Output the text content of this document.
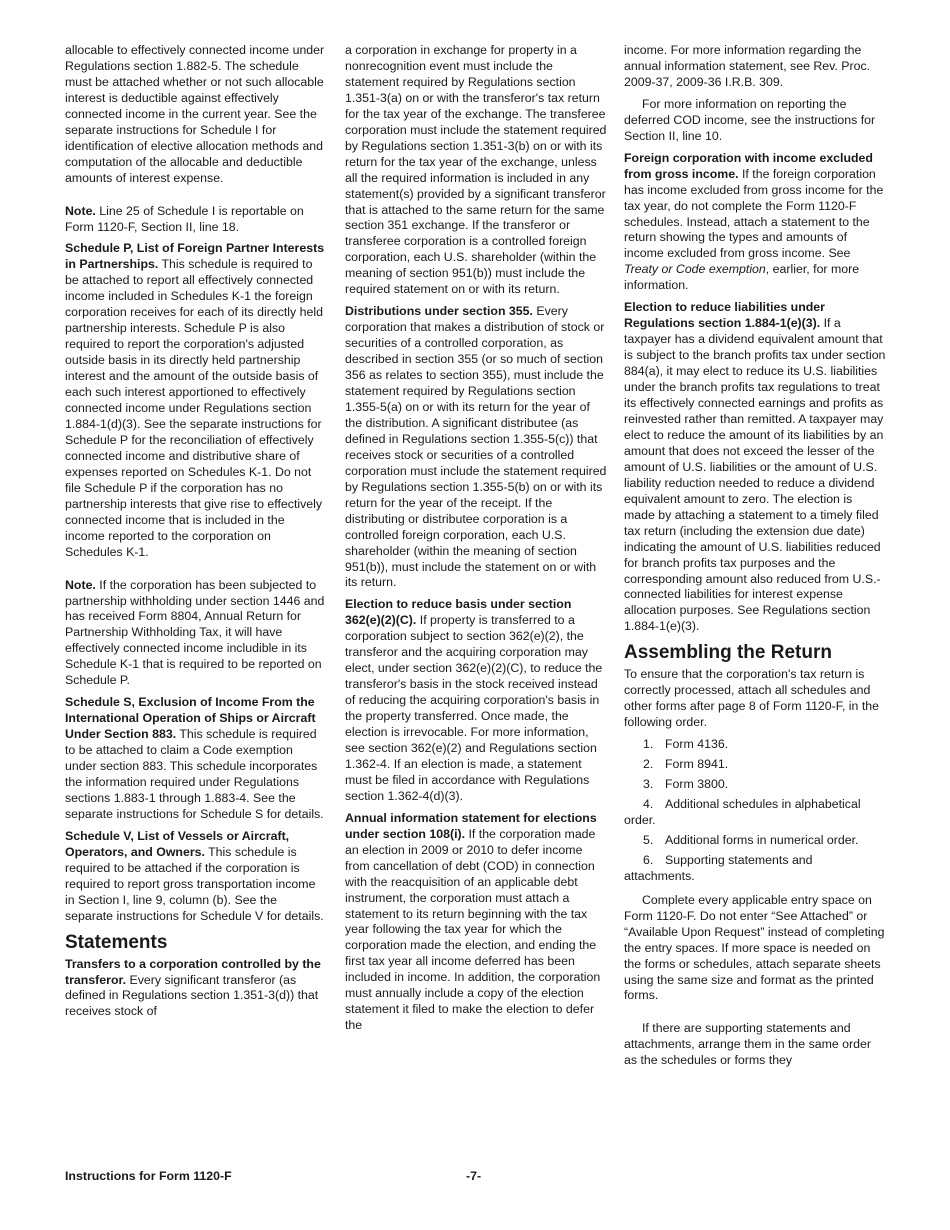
allocable to effectively connected income under Regulations section 1.882-5. The schedule must be attached whether or not such allocable interest is deductible against effectively connected income in the current year. See the separate instructions for Schedule I for identification of elective allocation methods and computation of the allocable and deductible amounts of interest expense.

Note. Line 25 of Schedule I is reportable on Form 1120-F, Section II, line 18.

Schedule P, List of Foreign Partner Interests in Partnerships. This schedule is required to be attached to report all effectively connected income included in Schedules K-1 the foreign corporation receives for each of its directly held partnership interests. Schedule P is also required to report the corporation's adjusted outside basis in its directly held partnership interest and the amount of the outside basis of each such interest apportioned to effectively connected income under Regulations section 1.884-1(d)(3). See the separate instructions for Schedule P for the reconciliation of effectively connected income and distributive share of expenses reported on Schedules K-1. Do not file Schedule P if the corporation has no partnership interests that give rise to effectively connected income that is included in the income reported to the corporation on Schedules K-1.

Note. If the corporation has been subjected to partnership withholding under section 1446 and has received Form 8804, Annual Return for Partnership Withholding Tax, it will have effectively connected income includible in its Schedule K-1 that is required to be reported on Schedule P.

Schedule S, Exclusion of Income From the International Operation of Ships or Aircraft Under Section 883. This schedule is required to be attached to claim a Code exemption under section 883. This schedule incorporates the information required under Regulations sections 1.883-1 through 1.883-4. See the separate instructions for Schedule S for details.

Schedule V, List of Vessels or Aircraft, Operators, and Owners. This schedule is required to be attached if the corporation is required to report gross transportation income in Section I, line 9, column (b). See the separate instructions for Schedule V for details.

Statements

Transfers to a corporation controlled by the transferor. Every significant transferor (as defined in Regulations section 1.351-3(d)) that receives stock of

a corporation in exchange for property in a nonrecognition event must include the statement required by Regulations section 1.351-3(a) on or with the transferor's tax return for the tax year of the exchange. The transferee corporation must include the statement required by Regulations section 1.351-3(b) on or with its return for the tax year of the exchange, unless all the required information is included in any statement(s) provided by a significant transferor that is attached to the same return for the same section 351 exchange. If the transferor or transferee corporation is a controlled foreign corporation, each U.S. shareholder (within the meaning of section 951(b)) must include the required statement on or with its return.

Distributions under section 355. Every corporation that makes a distribution of stock or securities of a controlled corporation, as described in section 355 (or so much of section 356 as relates to section 355), must include the statement required by Regulations section 1.355-5(a) on or with its return for the year of the distribution. A significant distributee (as defined in Regulations section 1.355-5(c)) that receives stock or securities of a controlled corporation must include the statement required by Regulations section 1.355-5(b) on or with its return for the year of the receipt. If the distributing or distributee corporation is a controlled foreign corporation, each U.S. shareholder (within the meaning of section 951(b)), must include the statement on or with its return.

Election to reduce basis under section 362(e)(2)(C). If property is transferred to a corporation subject to section 362(e)(2), the transferor and the acquiring corporation may elect, under section 362(e)(2)(C), to reduce the transferor's basis in the stock received instead of reducing the acquiring corporation's basis in the property transferred. Once made, the election is irrevocable. For more information, see section 362(e)(2) and Regulations section 1.362-4. If an election is made, a statement must be filed in accordance with Regulations section 1.362-4(d)(3).

Annual information statement for elections under section 108(i). If the corporation made an election in 2009 or 2010 to defer income from cancellation of debt (COD) in connection with the reacquisition of an applicable debt instrument, the corporation must attach a statement to its return beginning with the tax year following the tax year for which the corporation made the election, and ending the first tax year all income deferred has been included in income. In addition, the corporation must annually include a copy of the election statement it filed to make the election to defer the

income. For more information regarding the annual information statement, see Rev. Proc. 2009-37, 2009-36 I.R.B. 309.

For more information on reporting the deferred COD income, see the instructions for Section II, line 10.

Foreign corporation with income excluded from gross income. If the foreign corporation has income excluded from gross income for the tax year, do not complete the Form 1120-F schedules. Instead, attach a statement to the return showing the types and amounts of income excluded from gross income. See Treaty or Code exemption, earlier, for more information.

Election to reduce liabilities under Regulations section 1.884-1(e)(3). If a taxpayer has a dividend equivalent amount that is subject to the branch profits tax under section 884(a), it may elect to reduce its U.S. liabilities under the branch profits tax regulations to treat its effectively connected earnings and profits as reinvested rather than remitted. A taxpayer may elect to reduce the amount of its liabilities by an amount that does not exceed the lesser of the amount of U.S. liabilities or the amount of U.S. liability reduction needed to reduce a dividend equivalent amount to zero. The election is made by attaching a statement to a timely filed tax return (including the extension due date) indicating the amount of U.S. liabilities reduced for branch profits tax purposes and the corresponding amount also reduced from U.S.-connected liabilities for interest expense allocation purposes. See Regulations section 1.884-1(e)(3).

Assembling the Return

To ensure that the corporation's tax return is correctly processed, attach all schedules and other forms after page 8 of Form 1120-F, in the following order.

1. Form 4136.
2. Form 8941.
3. Form 3800.
4. Additional schedules in alphabetical order.
5. Additional forms in numerical order.
6. Supporting statements and attachments.

Complete every applicable entry space on Form 1120-F. Do not enter “See Attached” or “Available Upon Request” instead of completing the entry spaces. If more space is needed on the forms or schedules, attach separate sheets using the same size and format as the printed forms.

If there are supporting statements and attachments, arrange them in the same order as the schedules or forms they

Instructions for Form 1120-F	-7-
